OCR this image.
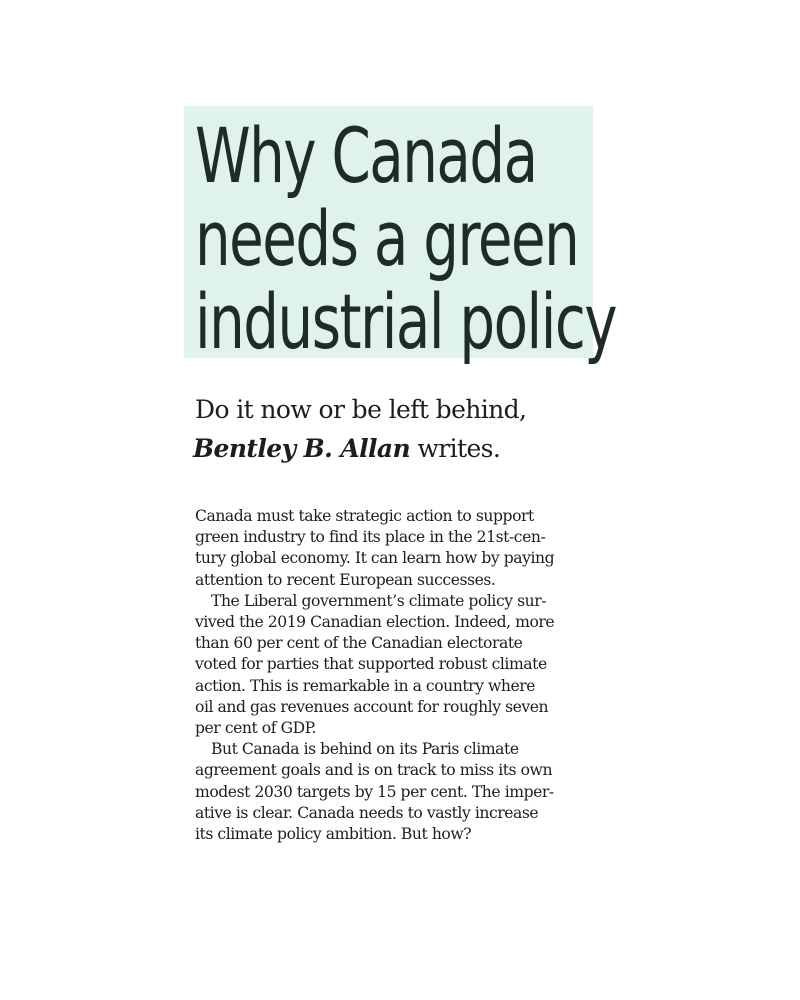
Why Canada
needs a green
industrial policy

Do it now or be left behind,
Bentley B. Allan writes.

Canada must take strategic action to support
green industry to find its place in the 21st-cen-
tury global economy. It can learn how by paying
attention to recent European successes.
The Liberal government’s climate policy sur-
vived the 2019 Canadian election. Indeed, more
than 60 per cent of the Canadian electorate
voted for parties that supported robust climate
action. This is remarkable in a country where
oil and gas revenues account for roughly seven
per cent of GDP.
But Canada is behind on its Paris climate
agreement goals and is on track to miss its own
modest 2030 targets by 15 per cent. The imper-
ative is clear. Canada needs to vastly increase
its climate policy ambition. But how?
